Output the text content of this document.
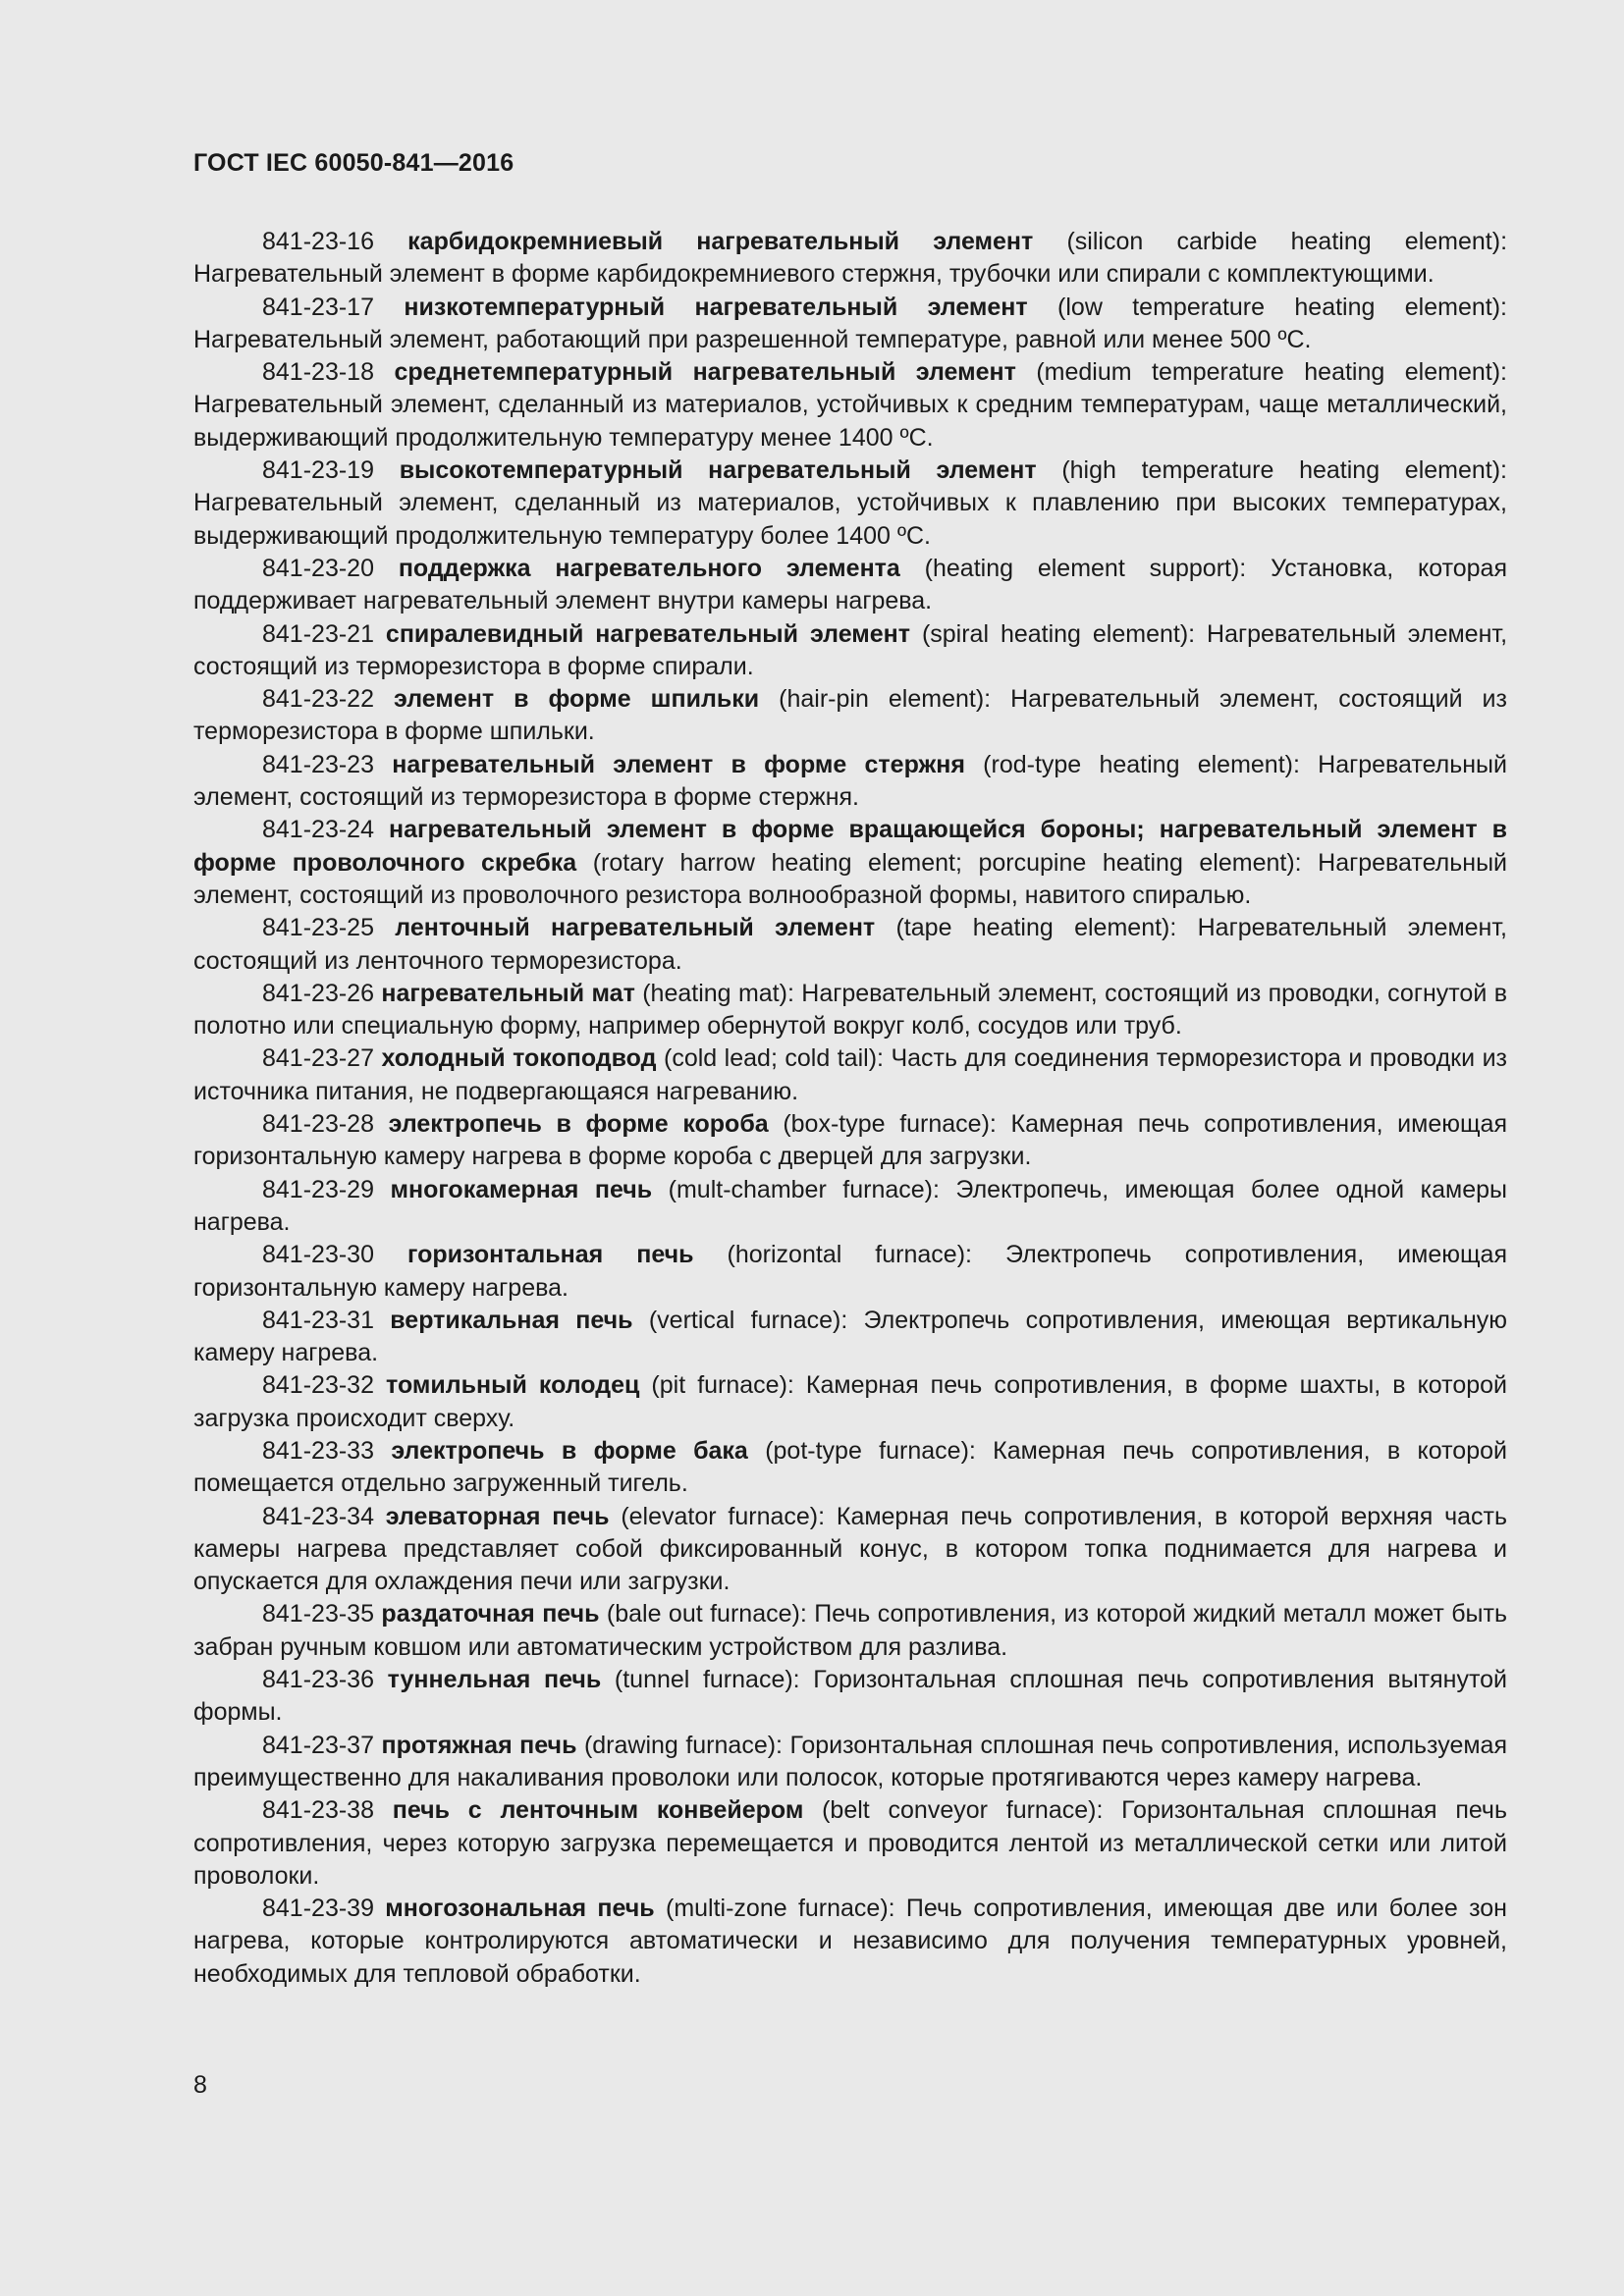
ГОСТ IEC 60050-841—2016

841-23-16 карбидокремниевый нагревательный элемент (silicon carbide heating element): Нагревательный элемент в форме карбидокремниевого стержня, трубочки или спирали с комплектующими.

841-23-17 низкотемпературный нагревательный элемент (low temperature heating element): Нагревательный элемент, работающий при разрешенной температуре, равной или менее 500 ºС.

841-23-18 среднетемпературный нагревательный элемент (medium temperature heating element): Нагревательный элемент, сделанный из материалов, устойчивых к средним температурам, чаще металлический, выдерживающий продолжительную температуру менее 1400 ºС.

841-23-19 высокотемпературный нагревательный элемент (high temperature heating element): Нагревательный элемент, сделанный из материалов, устойчивых к плавлению при высоких температурах, выдерживающий продолжительную температуру более 1400 ºС.

841-23-20 поддержка нагревательного элемента (heating element support): Установка, которая поддерживает нагревательный элемент внутри камеры нагрева.

841-23-21 спиралевидный нагревательный элемент (spiral heating element): Нагревательный элемент, состоящий из терморезистора в форме спирали.

841-23-22 элемент в форме шпильки (hair-pin element): Нагревательный элемент, состоящий из терморезистора в форме шпильки.

841-23-23 нагревательный элемент в форме стержня (rod-type heating element): Нагревательный элемент, состоящий из терморезистора в форме стержня.

841-23-24 нагревательный элемент в форме вращающейся бороны; нагревательный элемент в форме проволочного скребка (rotary harrow heating element; porcupine heating element): Нагревательный элемент, состоящий из проволочного резистора волнообразной формы, навитого спиралью.

841-23-25 ленточный нагревательный элемент (tape heating element): Нагревательный элемент, состоящий из ленточного терморезистора.

841-23-26 нагревательный мат (heating mat): Нагревательный элемент, состоящий из проводки, согнутой в полотно или специальную форму, например обернутой вокруг колб, сосудов или труб.

841-23-27 холодный токоподвод (cold lead; cold tail): Часть для соединения терморезистора и проводки из источника питания, не подвергающаяся нагреванию.

841-23-28 электропечь в форме короба (box-type furnace): Камерная печь сопротивления, имеющая горизонтальную камеру нагрева в форме короба с дверцей для загрузки.

841-23-29 многокамерная печь (mult-chamber furnace): Электропечь, имеющая более одной камеры нагрева.

841-23-30 горизонтальная печь (horizontal furnace): Электропечь сопротивления, имеющая горизонтальную камеру нагрева.

841-23-31 вертикальная печь (vertical furnace): Электропечь сопротивления, имеющая вертикальную камеру нагрева.

841-23-32 томильный колодец (pit furnace): Камерная печь сопротивления, в форме шахты, в которой загрузка происходит сверху.

841-23-33 электропечь в форме бака (pot-type furnace): Камерная печь сопротивления, в которой помещается отдельно загруженный тигель.

841-23-34 элеваторная печь (elevator furnace): Камерная печь сопротивления, в которой верхняя часть камеры нагрева представляет собой фиксированный конус, в котором топка поднимается для нагрева и опускается для охлаждения печи или загрузки.

841-23-35 раздаточная печь (bale out furnace): Печь сопротивления, из которой жидкий металл может быть забран ручным ковшом или автоматическим устройством для разлива.

841-23-36 туннельная печь (tunnel furnace): Горизонтальная сплошная печь сопротивления вытянутой формы.

841-23-37 протяжная печь (drawing furnace): Горизонтальная сплошная печь сопротивления, используемая преимущественно для накаливания проволоки или полосок, которые протягиваются через камеру нагрева.

841-23-38 печь с ленточным конвейером (belt conveyor furnace): Горизонтальная сплошная печь сопротивления, через которую загрузка перемещается и проводится лентой из металлической сетки или литой проволоки.

841-23-39 многозональная печь (multi-zone furnace): Печь сопротивления, имеющая две или более зон нагрева, которые контролируются автоматически и независимо для получения температурных уровней, необходимых для тепловой обработки.

8
